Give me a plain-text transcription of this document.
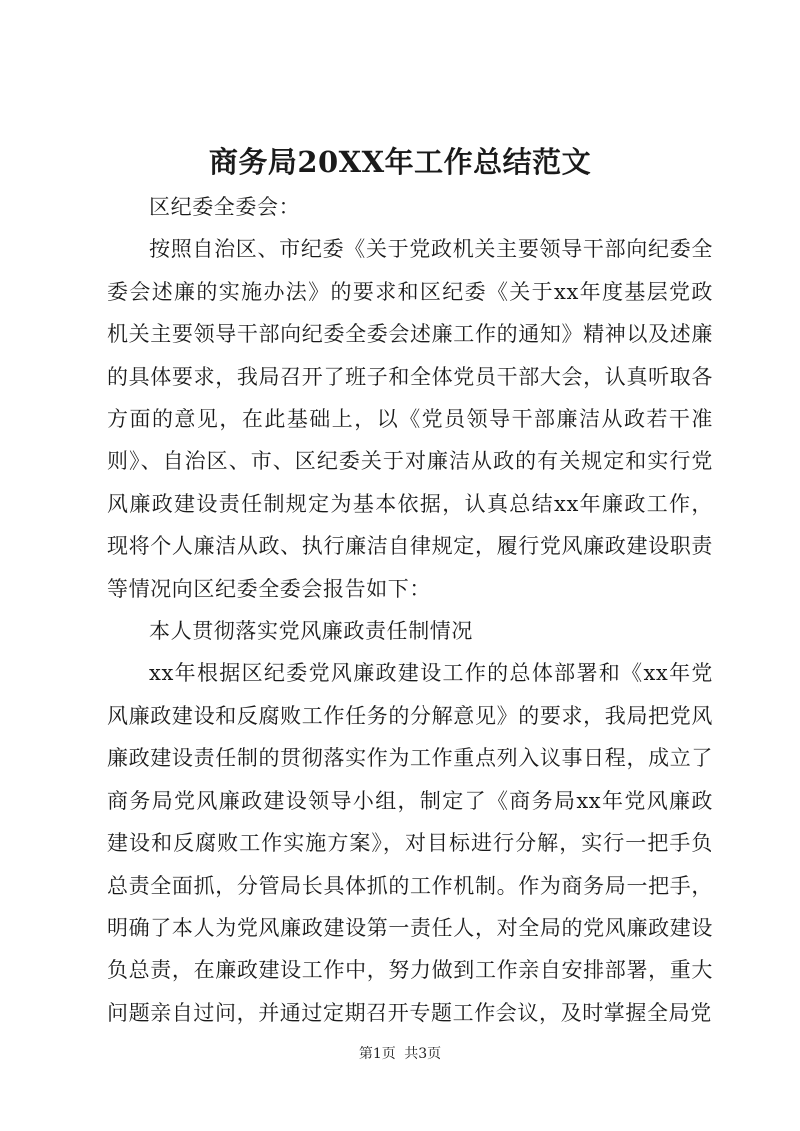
商务局20XX年工作总结范文

区纪委全委会：

按照自治区、市纪委《关于党政机关主要领导干部向纪委全委会述廉的实施办法》的要求和区纪委《关于xx年度基层党政机关主要领导干部向纪委全委会述廉工作的通知》精神以及述廉的具体要求，我局召开了班子和全体党员干部大会，认真听取各方面的意见，在此基础上，以《党员领导干部廉洁从政若干准则》、自治区、市、区纪委关于对廉洁从政的有关规定和实行党风廉政建设责任制规定为基本依据，认真总结xx年廉政工作，现将个人廉洁从政、执行廉洁自律规定，履行党风廉政建设职责等情况向区纪委全委会报告如下：

本人贯彻落实党风廉政责任制情况

xx年根据区纪委党风廉政建设工作的总体部署和《xx年党风廉政建设和反腐败工作任务的分解意见》的要求，我局把党风廉政建设责任制的贯彻落实作为工作重点列入议事日程，成立了商务局党风廉政建设领导小组，制定了《商务局xx年党风廉政建设和反腐败工作实施方案》，对目标进行分解，实行一把手负总责全面抓，分管局长具体抓的工作机制。作为商务局一把手，明确了本人为党风廉政建设第一责任人，对全局的党风廉政建设负总责，在廉政建设工作中，努力做到工作亲自安排部署，重大问题亲自过问，并通过定期召开专题工作会议，及时掌握全局党

第1页 共3页
